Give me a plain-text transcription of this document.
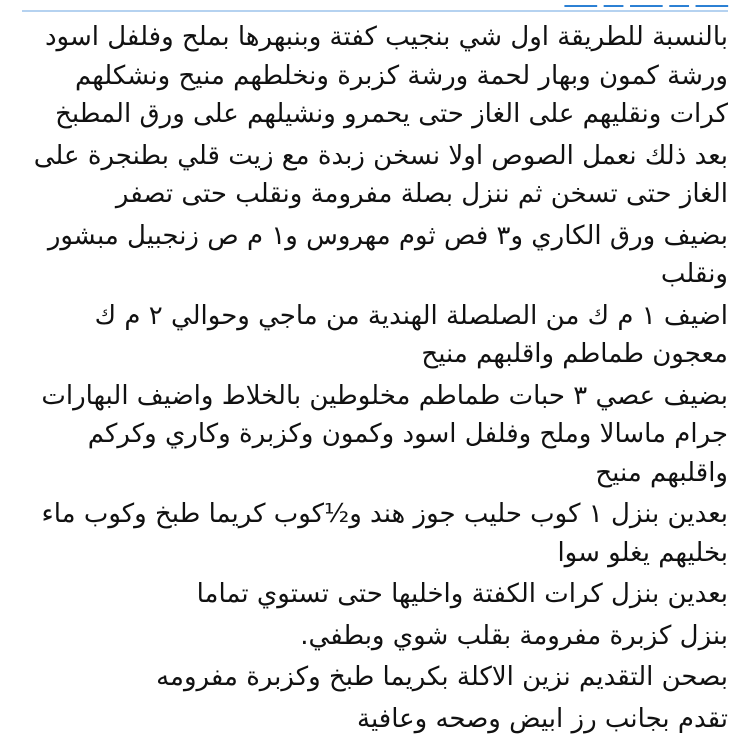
ـــــ ـــ ـــــ ـــ ـــــ

بالنسبة للطريقة اول شي بنجيب كفتة وبنبهرها بملح وفلفل اسود ورشة كمون وبهار لحمة ورشة كزبرة ونخلطهم منيح ونشكلهم كرات ونقليهم على الغاز حتى يحمرو ونشيلهم على ورق المطبخ

بعد ذلك نعمل الصوص اولا نسخن زبدة مع زيت قلي بطنجرة على الغاز حتى تسخن ثم ننزل بصلة مفرومة ونقلب حتى تصفر

بضيف ورق الكاري و٣ فص ثوم مهروس و١ م ص زنجبيل مبشور ونقلب

اضيف ١ م ك من الصلصلة الهندية من ماجي وحوالي ٢ م ك معجون طماطم واقلبهم منيح

بضيف عصي ٣ حبات طماطم مخلوطين بالخلاط واضيف البهارات جرام ماسالا وملح وفلفل اسود وكمون وكزبرة وكاري وكركم واقلبهم منيح

بعدين بنزل ١ كوب حليب جوز هند و½كوب كريما طبخ وكوب ماء بخليهم يغلو سوا

بعدين بنزل كرات الكفتة واخليها حتى تستوي تماما

بنزل كزبرة مفرومة بقلب شوي وبطفي.

بصحن التقديم نزين الاكلة بكريما طبخ وكزبرة مفرومه

تقدم بجانب رز ابيض وصحه وعافية
